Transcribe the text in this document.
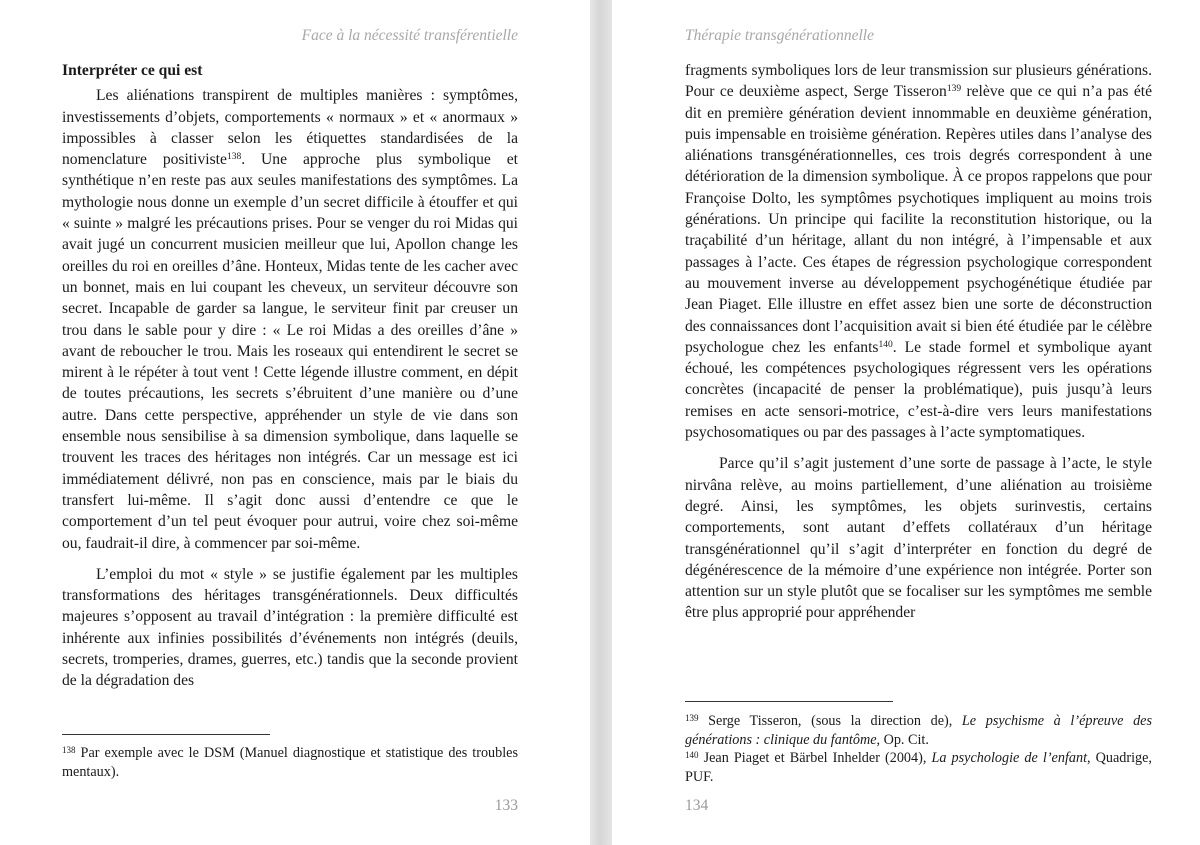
Face à la nécessité transférentielle
Interpréter ce qui est

Les aliénations transpirent de multiples manières : symptômes, investissements d’objets, comportements « normaux » et « anormaux » impossibles à classer selon les étiquettes standardisées de la nomenclature positiviste$^{138}$. Une approche plus symbolique et synthétique n’en reste pas aux seules manifestations des symptômes. La mythologie nous donne un exemple d’un secret difficile à étouffer et qui « suinte » malgré les précautions prises. Pour se venger du roi Midas qui avait jugé un concurrent musicien meilleur que lui, Apollon change les oreilles du roi en oreilles d’âne. Honteux, Midas tente de les cacher avec un bonnet, mais en lui coupant les cheveux, un serviteur découvre son secret. Incapable de garder sa langue, le serviteur finit par creuser un trou dans le sable pour y dire : « Le roi Midas a des oreilles d’âne » avant de reboucher le trou. Mais les roseaux qui entendirent le secret se mirent à le répéter à tout vent ! Cette légende illustre comment, en dépit de toutes précautions, les secrets s’ébruitent d’une manière ou d’une autre. Dans cette perspective, appréhender un style de vie dans son ensemble nous sensibilise à sa dimension symbolique, dans laquelle se trouvent les traces des héritages non intégrés. Car un message est ici immédiatement délivré, non pas en conscience, mais par le biais du transfert lui-même. Il s’agit donc aussi d’entendre ce que le comportement d’un tel peut évoquer pour autrui, voire chez soi-même ou, faudrait-il dire, à commencer par soi-même.

L’emploi du mot « style » se justifie également par les multiples transformations des héritages transgénérationnels. Deux difficultés majeures s’opposent au travail d’intégration : la première difficulté est inhérente aux infinies possibilités d’événements non intégrés (deuils, secrets, tromperies, drames, guerres, etc.) tandis que la seconde provient de la dégradation des

$^{138}$ Par exemple avec le DSM (Manuel diagnostique et statistique des troubles mentaux).

133
Thérapie transgénérationnelle

fragments symboliques lors de leur transmission sur plusieurs générations. Pour ce deuxième aspect, Serge Tisseron$^{139}$ relève que ce qui n’a pas été dit en première génération devient innommable en deuxième génération, puis impensable en troisième génération. Repères utiles dans l’analyse des aliénations transgénérationnelles, ces trois degrés correspondent à une détérioration de la dimension symbolique. À ce propos rappelons que pour Françoise Dolto, les symptômes psychotiques impliquent au moins trois générations. Un principe qui facilite la reconstitution historique, ou la traçabilité d’un héritage, allant du non intégré, à l’impensable et aux passages à l’acte. Ces étapes de régression psychologique correspondent au mouvement inverse au développement psychogénétique étudiée par Jean Piaget. Elle illustre en effet assez bien une sorte de déconstruction des connaissances dont l’acquisition avait si bien été étudiée par le célèbre psychologue chez les enfants$^{140}$. Le stade formel et symbolique ayant échoué, les compétences psychologiques régressent vers les opérations concrètes (incapacité de penser la problématique), puis jusqu’à leurs remises en acte sensori-motrice, c’est-à-dire vers leurs manifestations psychosomatiques ou par des passages à l’acte symptomatiques.

Parce qu’il s’agit justement d’une sorte de passage à l’acte, le style nirvâna relève, au moins partiellement, d’une aliénation au troisième degré. Ainsi, les symptômes, les objets surinvestis, certains comportements, sont autant d’effets collatéraux d’un héritage transgénérationnel qu’il s’agit d’interpréter en fonction du degré de dégénérescence de la mémoire d’une expérience non intégrée. Porter son attention sur un style plutôt que se focaliser sur les symptômes me semble être plus approprié pour appréhender

$^{139}$ Serge Tisseron, (sous la direction de), Le psychisme à l’épreuve des générations : clinique du fantôme, Op. Cit.

$^{140}$ Jean Piaget et Bärbel Inhelder (2004), La psychologie de l’enfant, Quadrige, PUF.

134
